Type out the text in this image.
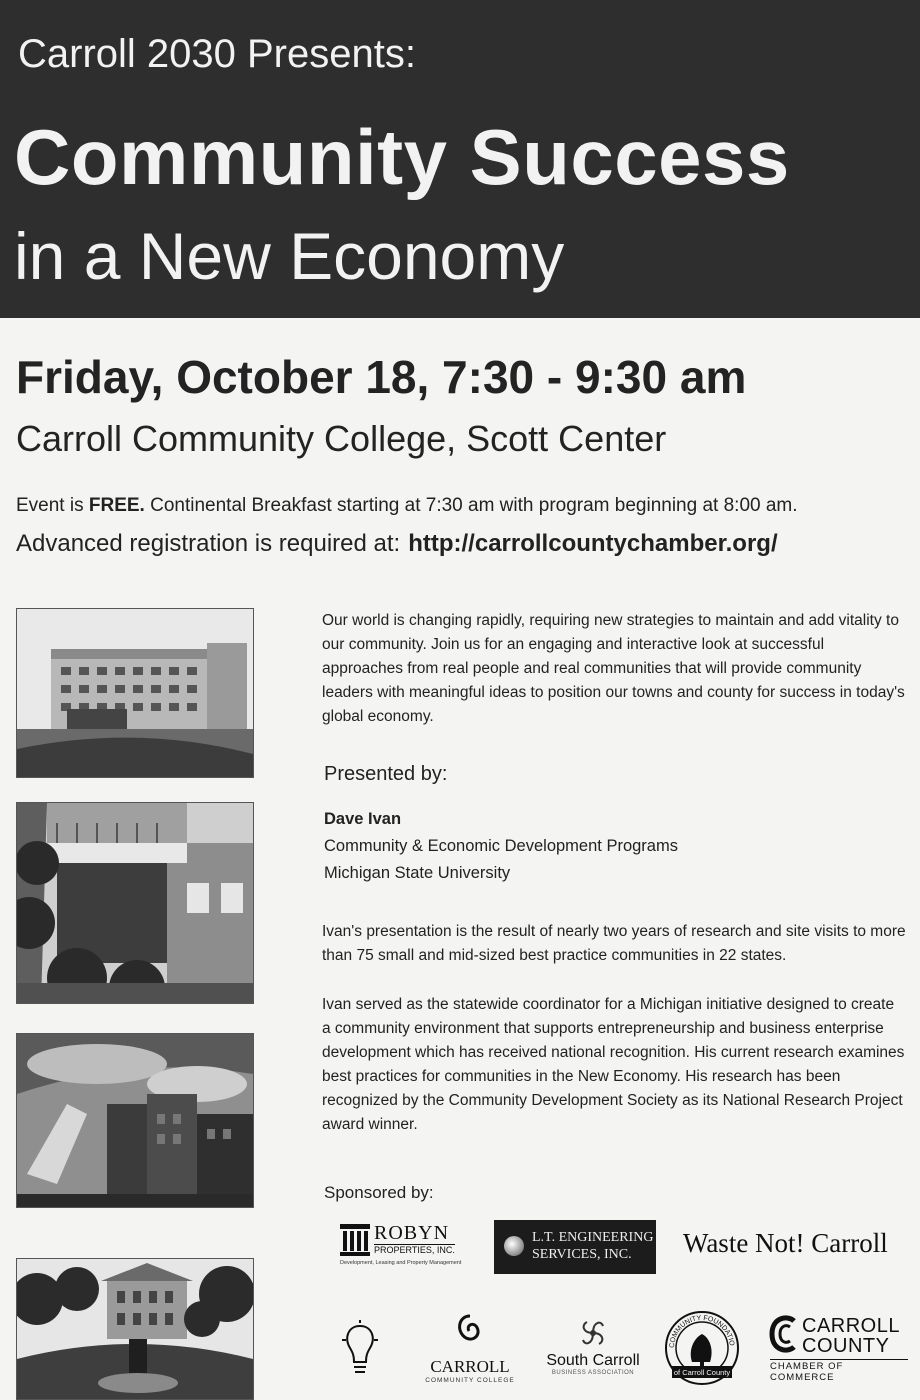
Carroll 2030 Presents:
Community Success
in a New Economy
Friday, October 18, 7:30 - 9:30 am
Carroll Community College, Scott Center
Event is FREE. Continental Breakfast starting at 7:30 am with program beginning at 8:00 am.
Advanced registration is required at: http://carrollcountychamber.org/
Our world is changing rapidly, requiring new strategies to maintain and add vitality to our community. Join us for an engaging and interactive look at successful approaches from real people and real communities that will provide community leaders with meaningful ideas to position our towns and county for success in today's global economy.
Presented by:
Dave Ivan
Community & Economic Development Programs
Michigan State University
Ivan's presentation is the result of nearly two years of research and site visits to more than 75 small and mid-sized best practice communities in 22 states.
Ivan served as the statewide coordinator for a Michigan initiative designed to create a community environment that supports entrepreneurship and business enterprise development which has received national recognition. His current research examines best practices for communities in the New Economy. His research has been recognized by the Community Development Society as its National Research Project award winner.
Sponsored by:
ROBYN
PROPERTIES, INC.
Development, Leasing and Property Management
L.T. ENGINEERING
SERVICES, INC. Waste Not! Carroll
CARROLL
COMMUNITY COLLEGE
South Carroll
BUSINESS ASSOCIATION
COMMUNITY FOUNDATIO
of Carroll County
CARROLL
COUNTY
CHAMBER OF COMMERCE
